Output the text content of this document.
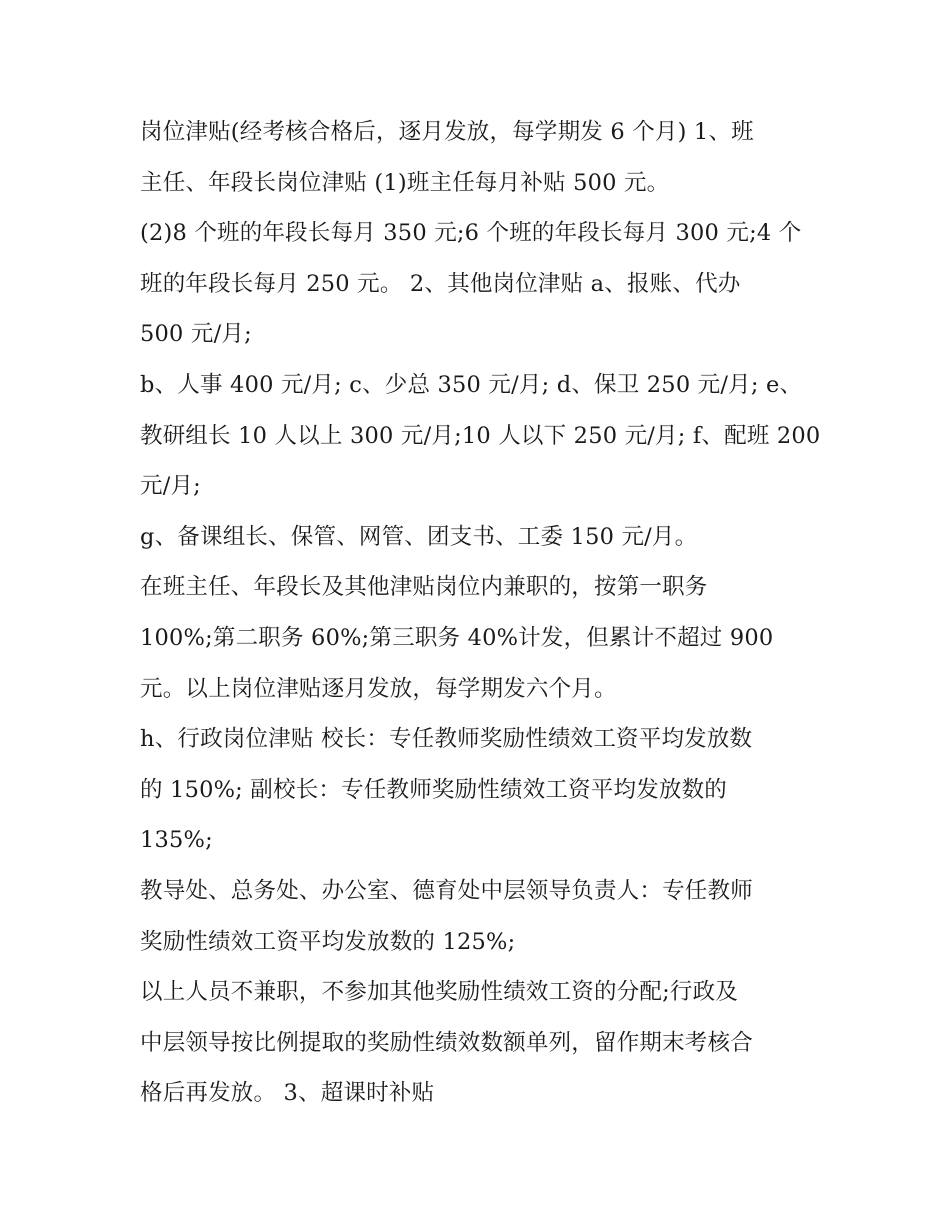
岗位津贴(经考核合格后，逐月发放，每学期发 6 个月) 1、班
主任、年段长岗位津贴 (1)班主任每月补贴 500 元。

(2)8 个班的年段长每月 350 元;6 个班的年段长每月 300 元;4 个
班的年段长每月 250 元。 2、其他岗位津贴 a、报账、代办
500 元/月;

b、人事 400 元/月; c、少总 350 元/月; d、保卫 250 元/月; e、
教研组长 10 人以上 300 元/月;10 人以下 250 元/月; f、配班 200
元/月;

g、备课组长、保管、网管、团支书、工委 150 元/月。

在班主任、年段长及其他津贴岗位内兼职的，按第一职务
100%;第二职务 60%;第三职务 40%计发，但累计不超过 900
元。以上岗位津贴逐月发放，每学期发六个月。

h、行政岗位津贴 校长：专任教师奖励性绩效工资平均发放数
的 150%; 副校长：专任教师奖励性绩效工资平均发放数的
135%;

教导处、总务处、办公室、德育处中层领导负责人：专任教师
奖励性绩效工资平均发放数的 125%;

以上人员不兼职，不参加其他奖励性绩效工资的分配;行政及
中层领导按比例提取的奖励性绩效数额单列，留作期末考核合
格后再发放。 3、超课时补贴
